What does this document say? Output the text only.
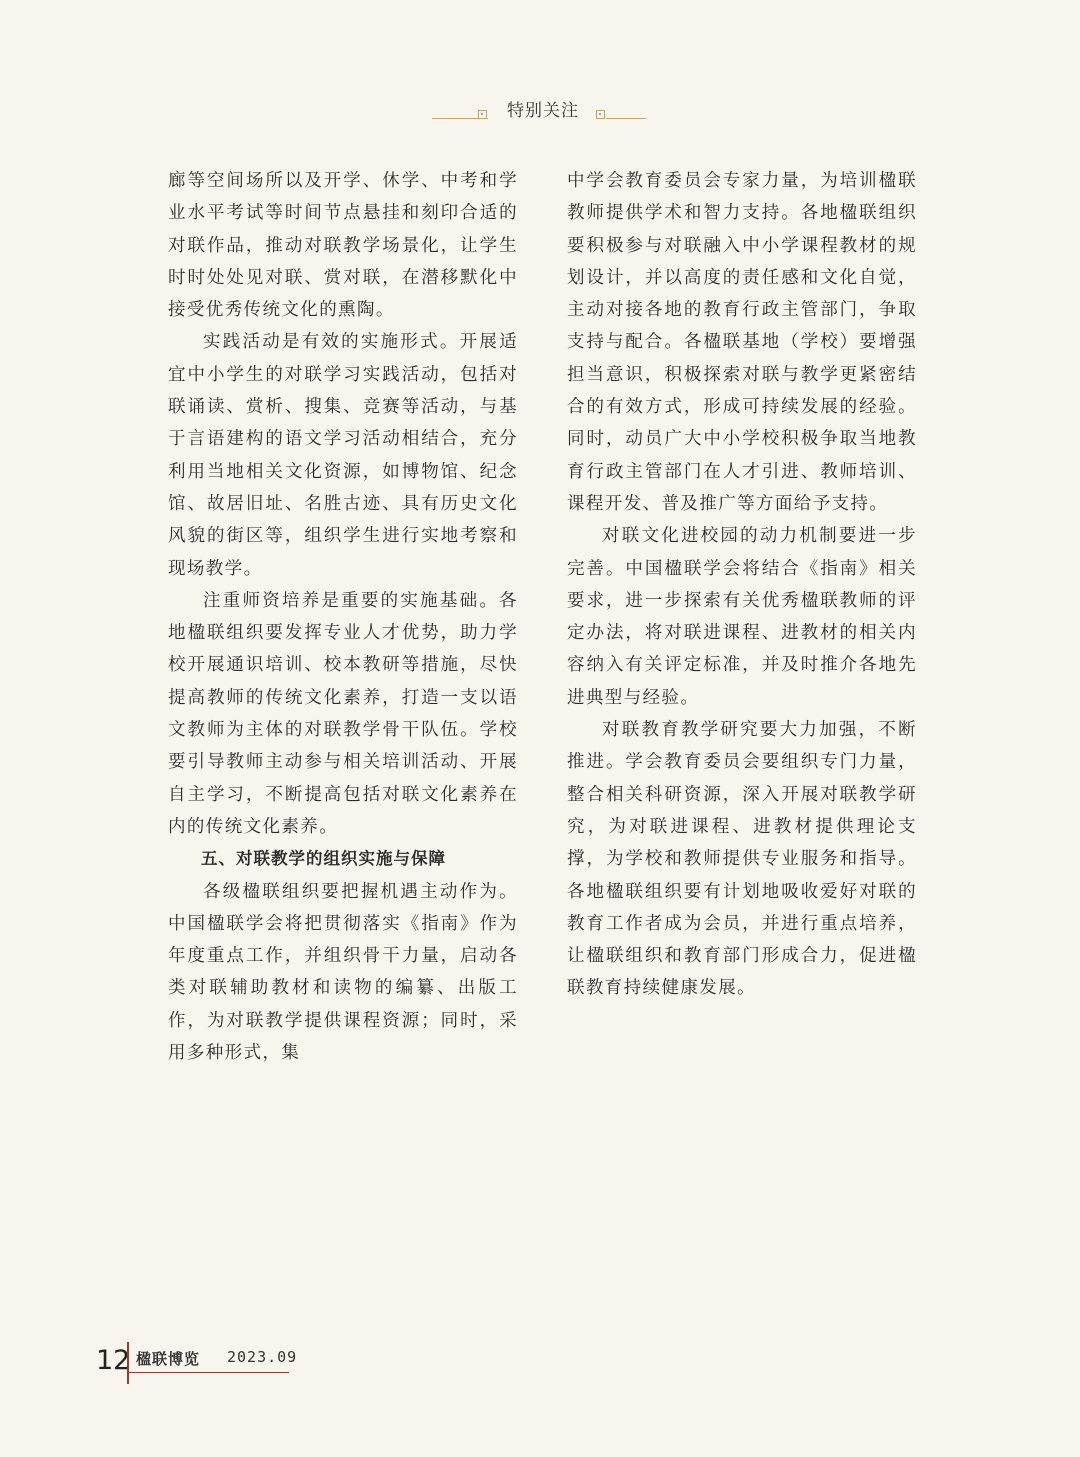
特别关注

廊等空间场所以及开学、休学、中考和学业水平考试等时间节点悬挂和刻印合适的对联作品，推动对联教学场景化，让学生时时处处见对联、赏对联，在潜移默化中接受优秀传统文化的熏陶。

实践活动是有效的实施形式。开展适宜中小学生的对联学习实践活动，包括对联诵读、赏析、搜集、竞赛等活动，与基于言语建构的语文学习活动相结合，充分利用当地相关文化资源，如博物馆、纪念馆、故居旧址、名胜古迹、具有历史文化风貌的街区等，组织学生进行实地考察和现场教学。

注重师资培养是重要的实施基础。各地楹联组织要发挥专业人才优势，助力学校开展通识培训、校本教研等措施，尽快提高教师的传统文化素养，打造一支以语文教师为主体的对联教学骨干队伍。学校要引导教师主动参与相关培训活动、开展自主学习，不断提高包括对联文化素养在内的传统文化素养。

五、对联教学的组织实施与保障

各级楹联组织要把握机遇主动作为。中国楹联学会将把贯彻落实《指南》作为年度重点工作，并组织骨干力量，启动各类对联辅助教材和读物的编纂、出版工作，为对联教学提供课程资源；同时，采用多种形式，集

中学会教育委员会专家力量，为培训楹联教师提供学术和智力支持。各地楹联组织要积极参与对联融入中小学课程教材的规划设计，并以高度的责任感和文化自觉，主动对接各地的教育行政主管部门，争取支持与配合。各楹联基地（学校）要增强担当意识，积极探索对联与教学更紧密结合的有效方式，形成可持续发展的经验。同时，动员广大中小学校积极争取当地教育行政主管部门在人才引进、教师培训、课程开发、普及推广等方面给予支持。

对联文化进校园的动力机制要进一步完善。中国楹联学会将结合《指南》相关要求，进一步探索有关优秀楹联教师的评定办法，将对联进课程、进教材的相关内容纳入有关评定标准，并及时推介各地先进典型与经验。

对联教育教学研究要大力加强，不断推进。学会教育委员会要组织专门力量，整合相关科研资源，深入开展对联教学研究，为对联进课程、进教材提供理论支撑，为学校和教师提供专业服务和指导。各地楹联组织要有计划地吸收爱好对联的教育工作者成为会员，并进行重点培养，让楹联组织和教育部门形成合力，促进楹联教育持续健康发展。

12 楹联博览 2023.09
